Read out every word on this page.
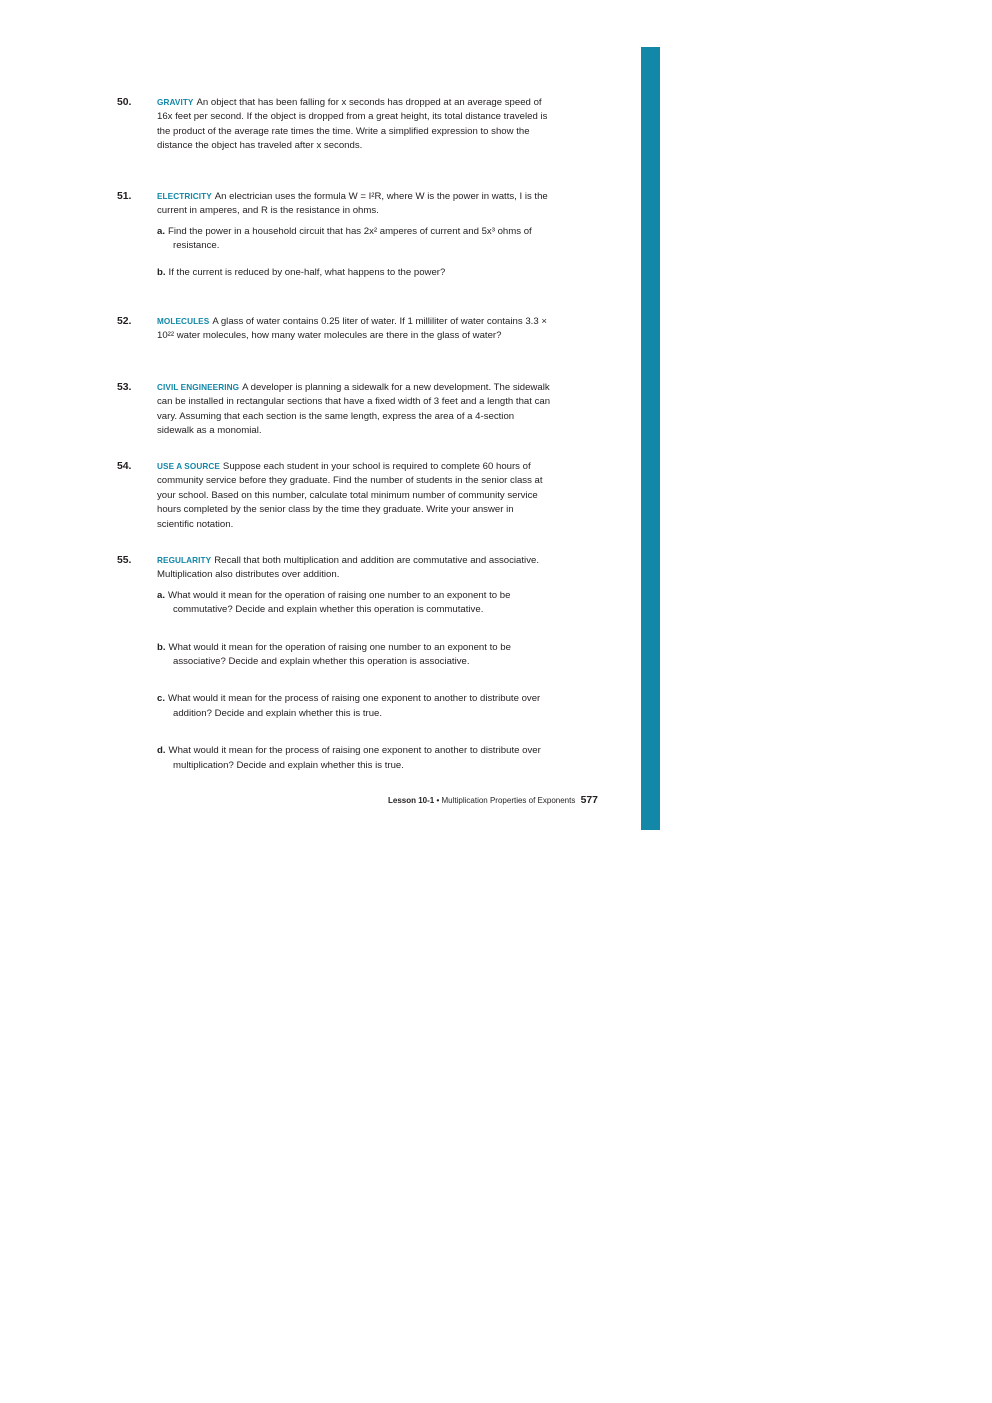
50.	GRAVITY An object that has been falling for x seconds has dropped at an average speed of 16x feet per second. If the object is dropped from a great height, its total distance traveled is the product of the average rate times the time. Write a simplified expression to show the distance the object has traveled after x seconds.

51.	ELECTRICITY An electrician uses the formula W = I²R, where W is the power in watts, I is the current in amperes, and R is the resistance in ohms.

a. Find the power in a household circuit that has 2x² amperes of current and 5x³ ohms of resistance.

b. If the current is reduced by one-half, what happens to the power?

52.	MOLECULES A glass of water contains 0.25 liter of water. If 1 milliliter of water contains 3.3 × 10²² water molecules, how many water molecules are there in the glass of water?

53.	CIVIL ENGINEERING A developer is planning a sidewalk for a new development. The sidewalk can be installed in rectangular sections that have a fixed width of 3 feet and a length that can vary. Assuming that each section is the same length, express the area of a 4-section sidewalk as a monomial.

54.	USE A SOURCE Suppose each student in your school is required to complete 60 hours of community service before they graduate. Find the number of students in the senior class at your school. Based on this number, calculate total minimum number of community service hours completed by the senior class by the time they graduate. Write your answer in scientific notation.

55.	REGULARITY Recall that both multiplication and addition are commutative and associative. Multiplication also distributes over addition.

a. What would it mean for the operation of raising one number to an exponent to be commutative? Decide and explain whether this operation is commutative.

b. What would it mean for the operation of raising one number to an exponent to be associative? Decide and explain whether this operation is associative.

c. What would it mean for the process of raising one exponent to another to distribute over addition? Decide and explain whether this is true.

d. What would it mean for the process of raising one exponent to another to distribute over multiplication? Decide and explain whether this is true.

Lesson 10-1 • Multiplication Properties of Exponents 577
